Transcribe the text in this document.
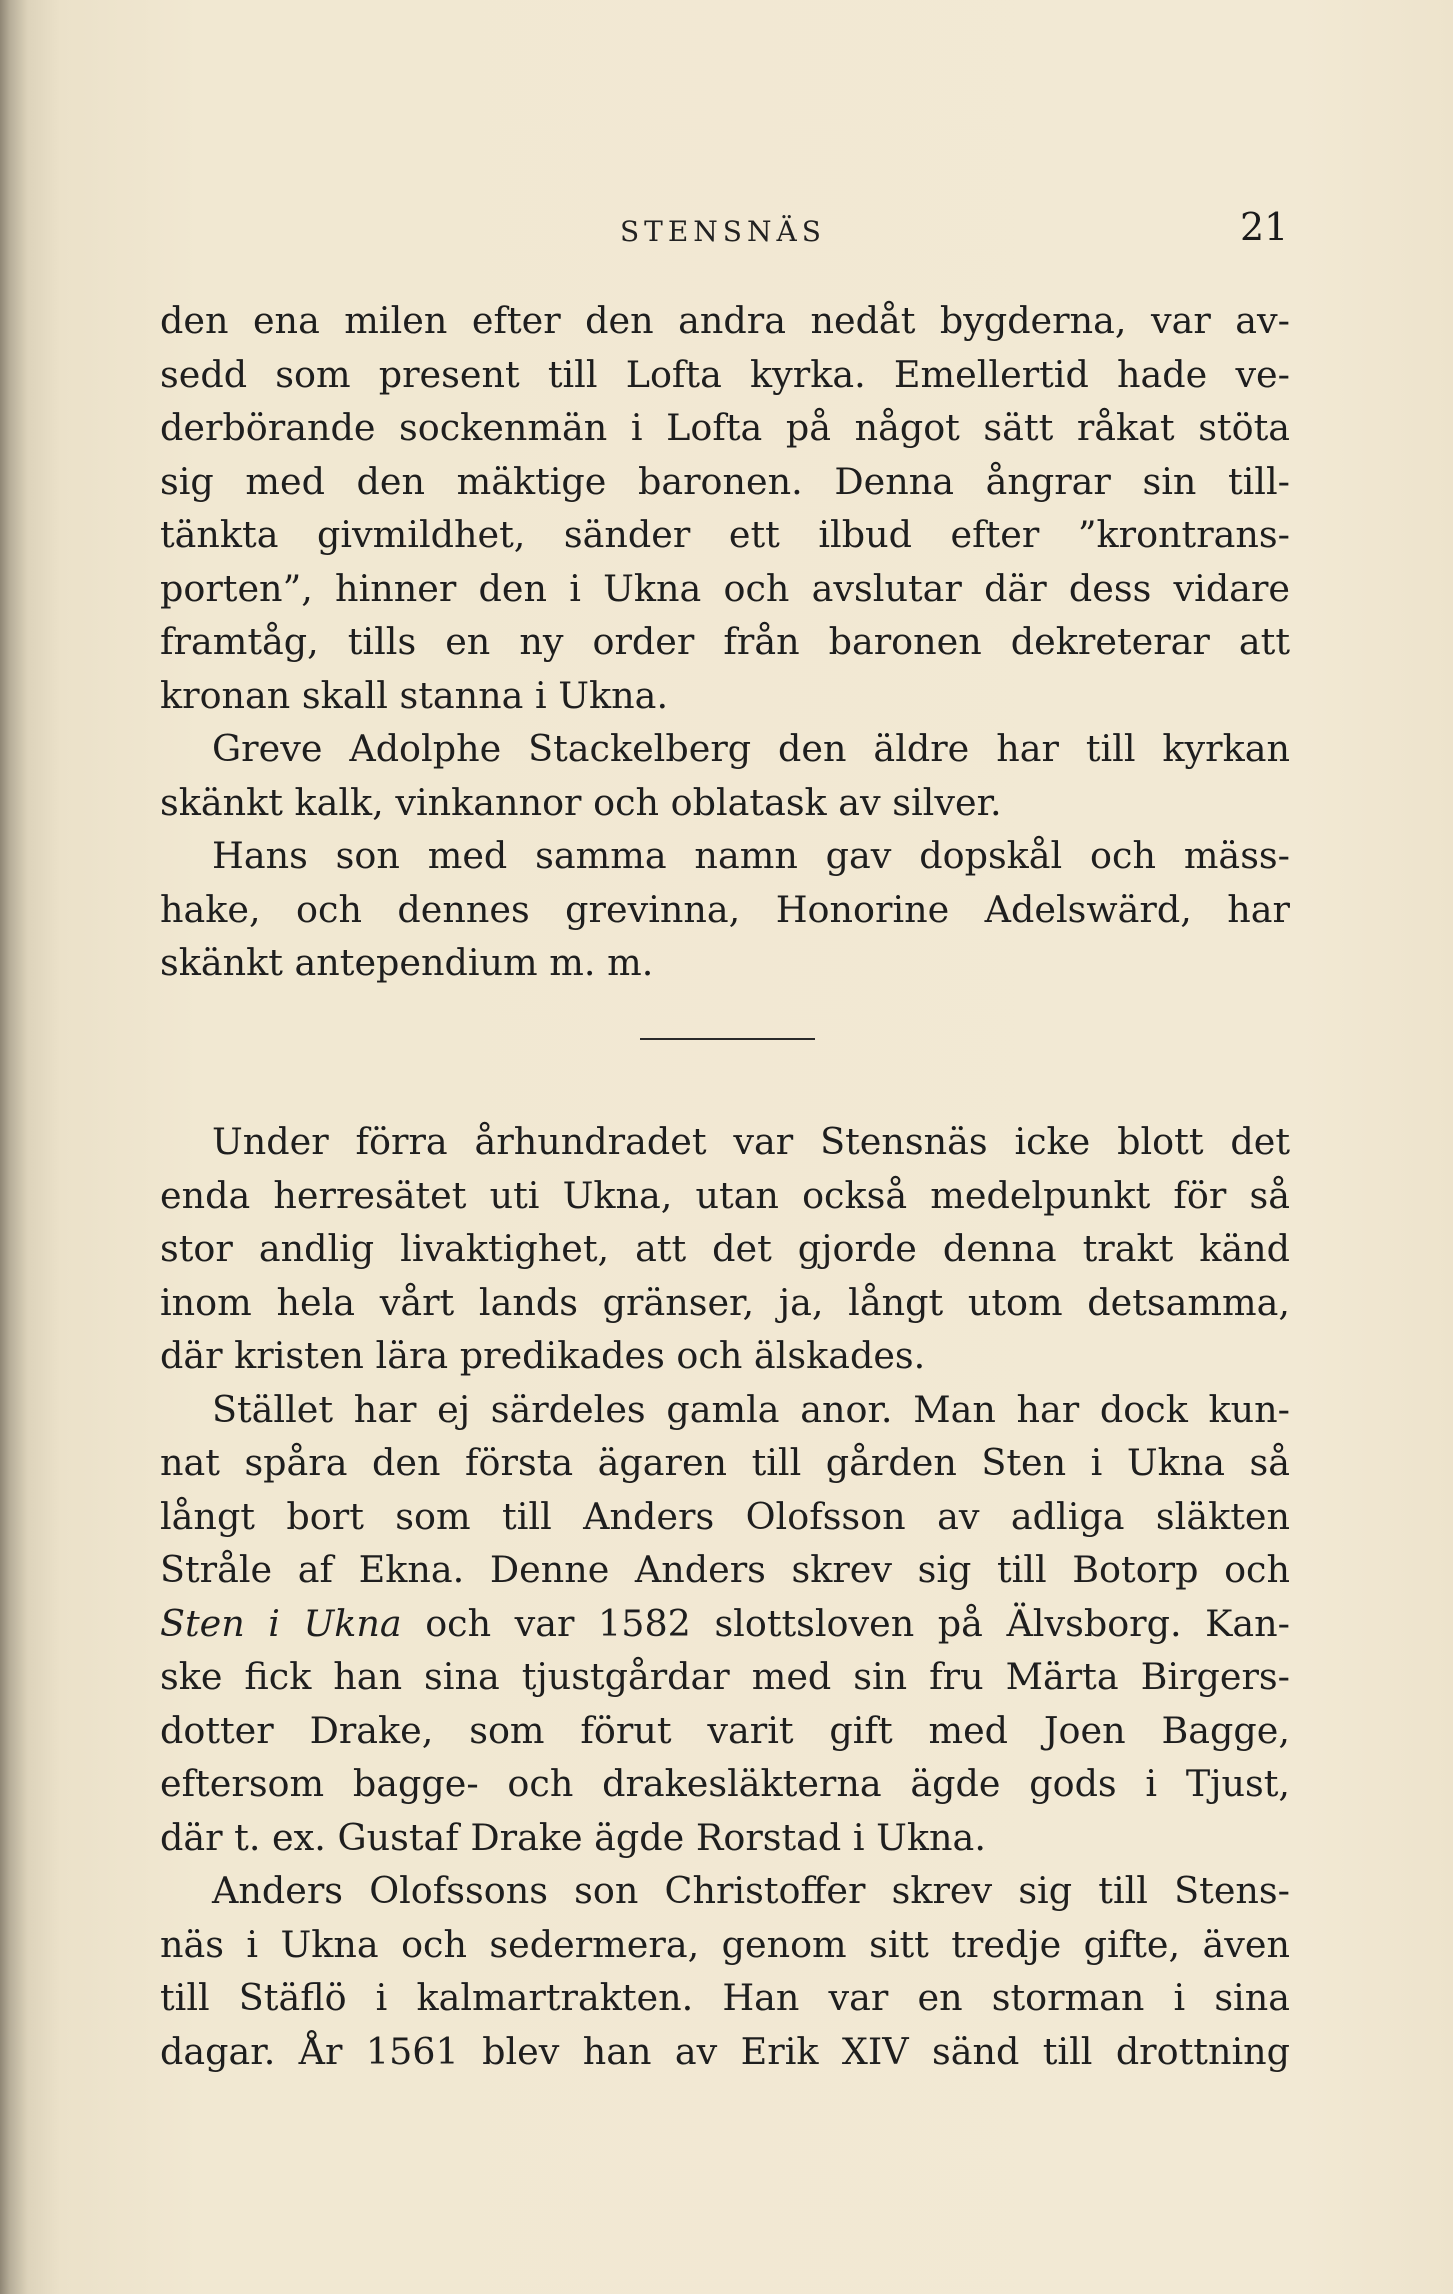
STENSNÄS	21
den ena milen efter den andra nedåt bygderna, var av-
sedd som present till Lofta kyrka. Emellertid hade ve-
derbörande sockenmän i Lofta på något sätt råkat stöta
sig med den mäktige baronen. Denna ångrar sin till-
tänkta givmildhet, sänder ett ilbud efter ”krontrans-
porten”, hinner den i Ukna och avslutar där dess vidare
framtåg, tills en ny order från baronen dekreterar att
kronan skall stanna i Ukna.
Greve Adolphe Stackelberg den äldre har till kyrkan
skänkt kalk, vinkannor och oblatask av silver.
Hans son med samma namn gav dopskål och mäss-
hake, och dennes grevinna, Honorine Adelswärd, har
skänkt antependium m. m.
Under förra århundradet var Stensnäs icke blott det
enda herresätet uti Ukna, utan också medelpunkt för så
stor andlig livaktighet, att det gjorde denna trakt känd
inom hela vårt lands gränser, ja, långt utom detsamma,
där kristen lära predikades och älskades.
Stället har ej särdeles gamla anor. Man har dock kun-
nat spåra den första ägaren till gården Sten i Ukna så
långt bort som till Anders Olofsson av adliga släkten
Stråle af Ekna. Denne Anders skrev sig till Botorp och
Sten i Ukna och var 1582 slottsloven på Älvsborg. Kan-
ske fick han sina tjustgårdar med sin fru Märta Birgers-
dotter Drake, som förut varit gift med Joen Bagge,
eftersom bagge- och drakesläkterna ägde gods i Tjust,
där t. ex. Gustaf Drake ägde Rorstad i Ukna.
Anders Olofssons son Christoffer skrev sig till Stens-
näs i Ukna och sedermera, genom sitt tredje gifte, även
till Stäflö i kalmartrakten. Han var en storman i sina
dagar. År 1561 blev han av Erik XIV sänd till drottning
